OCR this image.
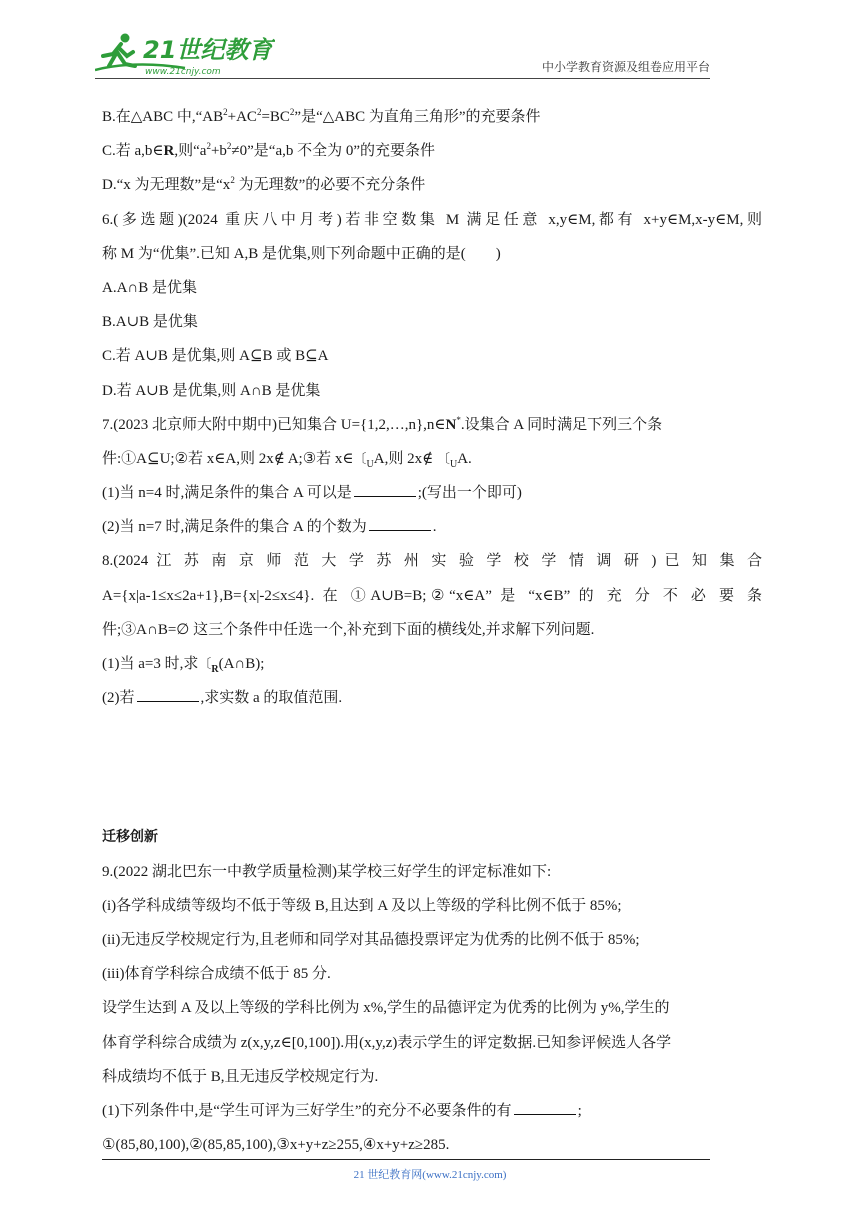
21世纪教育
www.21cnjy.com	中小学教育资源及组卷应用平台
B.在△ABC 中$,“AB^2+AC^2=BC^2$”是“△ABC 为直角三角形”的充要条件
C.若 a,b∈R,则“$a^2+b^2\ne 0$”是“a,b 不全为 0”的充要条件
D.“x 为无理数”是“$x^2$ 为无理数”的必要不充分条件
6.(多选题)(2024 重庆八中月考)若非空数集 M 满足任意 x,y∈M,都有 x+y∈M,x-y∈M,则
称 M 为“优集”.已知 A,B 是优集,则下列命题中正确的是(　　)
A.A∩B 是优集
B.A∪B 是优集
C.若 A∪B 是优集,则 A⊆B 或 B⊆A
D.若 A∪B 是优集,则 A∩B 是优集
7.(2023 北京师大附中期中)已知集合 U={1,2,…,n},n∈N*.设集合 A 同时满足下列三个条
件:①A⊆U;②若 x∈A,则 2x∉ A;③若 x∈〔$_U$A,则 2x∉ 〔$_U$A.
(1)当 n=4 时,满足条件的集合 A 可以是	;(写出一个即可)
(2)当 n=7 时,满足条件的集合 A 的个数为	.
8.(2024 江 苏 南 京 师 范 大 学 苏 州 实 验 学 校 学 情 调 研 ) 已 知 集 合
A={x|a-1≤x≤2a+1},B={x|-2≤x≤4}. 在 ①A∪B=B;②“x∈A” 是 “x∈B” 的 充 分 不 必 要 条
件;③A∩B=∅ 这三个条件中任选一个,补充到下面的横线处,并求解下列问题.
(1)当 a=3 时,求〔$_R$(A∩B);
(2)若	,求实数 a 的取值范围.
迁移创新
9.(2022 湖北巴东一中教学质量检测)某学校三好学生的评定标准如下:
(i)各学科成绩等级均不低于等级 B,且达到 A 及以上等级的学科比例不低于 85%;
(ii)无违反学校规定行为,且老师和同学对其品德投票评定为优秀的比例不低于 85%;
(iii)体育学科综合成绩不低于 85 分.
设学生达到 A 及以上等级的学科比例为 x%,学生的品德评定为优秀的比例为 y%,学生的
体育学科综合成绩为 z(x,y,z∈[0,100]).用(x,y,z)表示学生的评定数据.已知参评候选人各学
科成绩均不低于 B,且无违反学校规定行为.
(1)下列条件中,是“学生可评为三好学生”的充分不必要条件的有	;
①(85,80,100),②(85,85,100),③x+y+z≥255,④x+y+z≥285.
21 世纪教育网(www.21cnjy.com)
